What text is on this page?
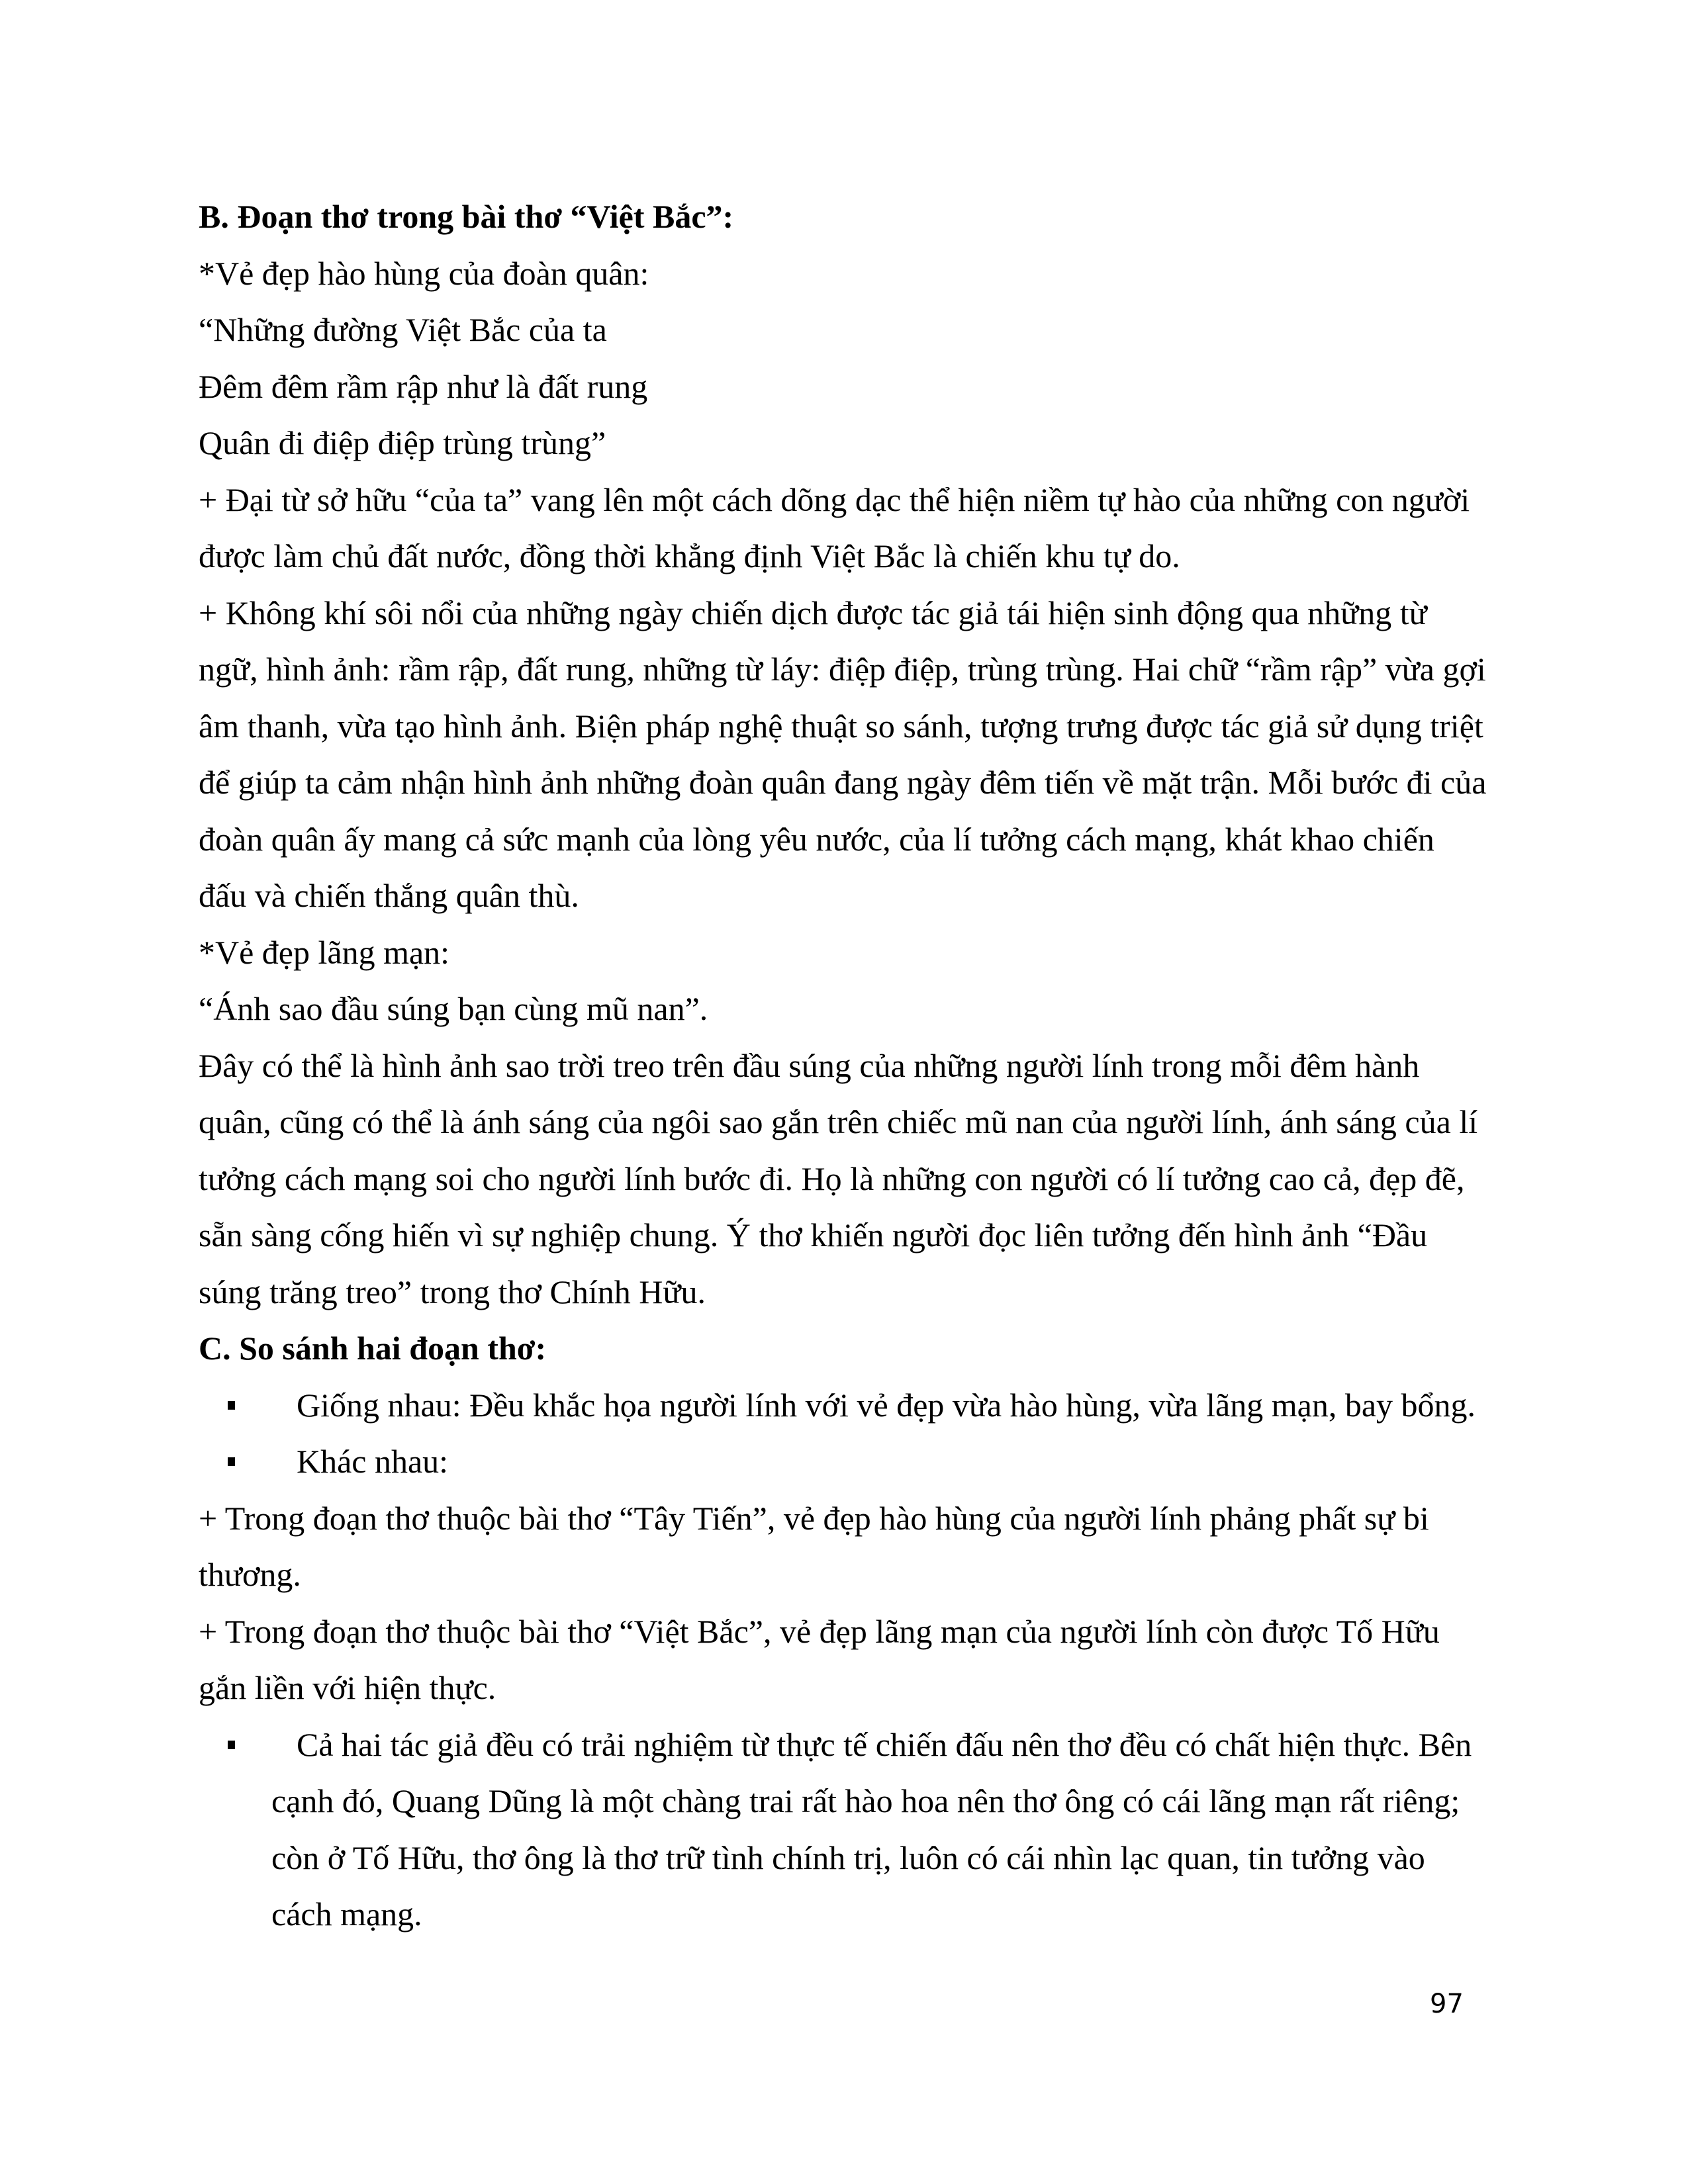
B. Đoạn thơ trong bài thơ “Việt Bắc”:
*Vẻ đẹp hào hùng của đoàn quân:
“Những đường Việt Bắc của ta
Đêm đêm rầm rập như là đất rung
Quân đi điệp điệp trùng trùng”
+ Đại từ sở hữu “của ta” vang lên một cách dõng dạc thể hiện niềm tự hào của những con người
được làm chủ đất nước, đồng thời khẳng định Việt Bắc là chiến khu tự do.
+ Không khí sôi nổi của những ngày chiến dịch được tác giả tái hiện sinh động qua những từ
ngữ, hình ảnh: rầm rập, đất rung, những từ láy: điệp điệp, trùng trùng. Hai chữ “rầm rập” vừa gợi
âm thanh, vừa tạo hình ảnh. Biện pháp nghệ thuật so sánh, tượng trưng được tác giả sử dụng triệt
để giúp ta cảm nhận hình ảnh những đoàn quân đang ngày đêm tiến về mặt trận. Mỗi bước đi của
đoàn quân ấy mang cả sức mạnh của lòng yêu nước, của lí tưởng cách mạng, khát khao chiến
đấu và chiến thắng quân thù.
*Vẻ đẹp lãng mạn:
“Ánh sao đầu súng bạn cùng mũ nan”.
Đây có thể là hình ảnh sao trời treo trên đầu súng của những người lính trong mỗi đêm hành
quân, cũng có thể là ánh sáng của ngôi sao gắn trên chiếc mũ nan của người lính, ánh sáng của lí
tưởng cách mạng soi cho người lính bước đi. Họ là những con người có lí tưởng cao cả, đẹp đẽ,
sẵn sàng cống hiến vì sự nghiệp chung. Ý thơ khiến người đọc liên tưởng đến hình ảnh “Đầu
súng trăng treo” trong thơ Chính Hữu.
C. So sánh hai đoạn thơ:
Giống nhau: Đều khắc họa người lính với vẻ đẹp vừa hào hùng, vừa lãng mạn, bay bổng.
Khác nhau:
+ Trong đoạn thơ thuộc bài thơ “Tây Tiến”, vẻ đẹp hào hùng của người lính phảng phất sự bi
thương.
+ Trong đoạn thơ thuộc bài thơ “Việt Bắc”, vẻ đẹp lãng mạn của người lính còn được Tố Hữu
gắn liền với hiện thực.
Cả hai tác giả đều có trải nghiệm từ thực tế chiến đấu nên thơ đều có chất hiện thực. Bên
cạnh đó, Quang Dũng là một chàng trai rất hào hoa nên thơ ông có cái lãng mạn rất riêng;
còn ở Tố Hữu, thơ ông là thơ trữ tình chính trị, luôn có cái nhìn lạc quan, tin tưởng vào
cách mạng.
97
